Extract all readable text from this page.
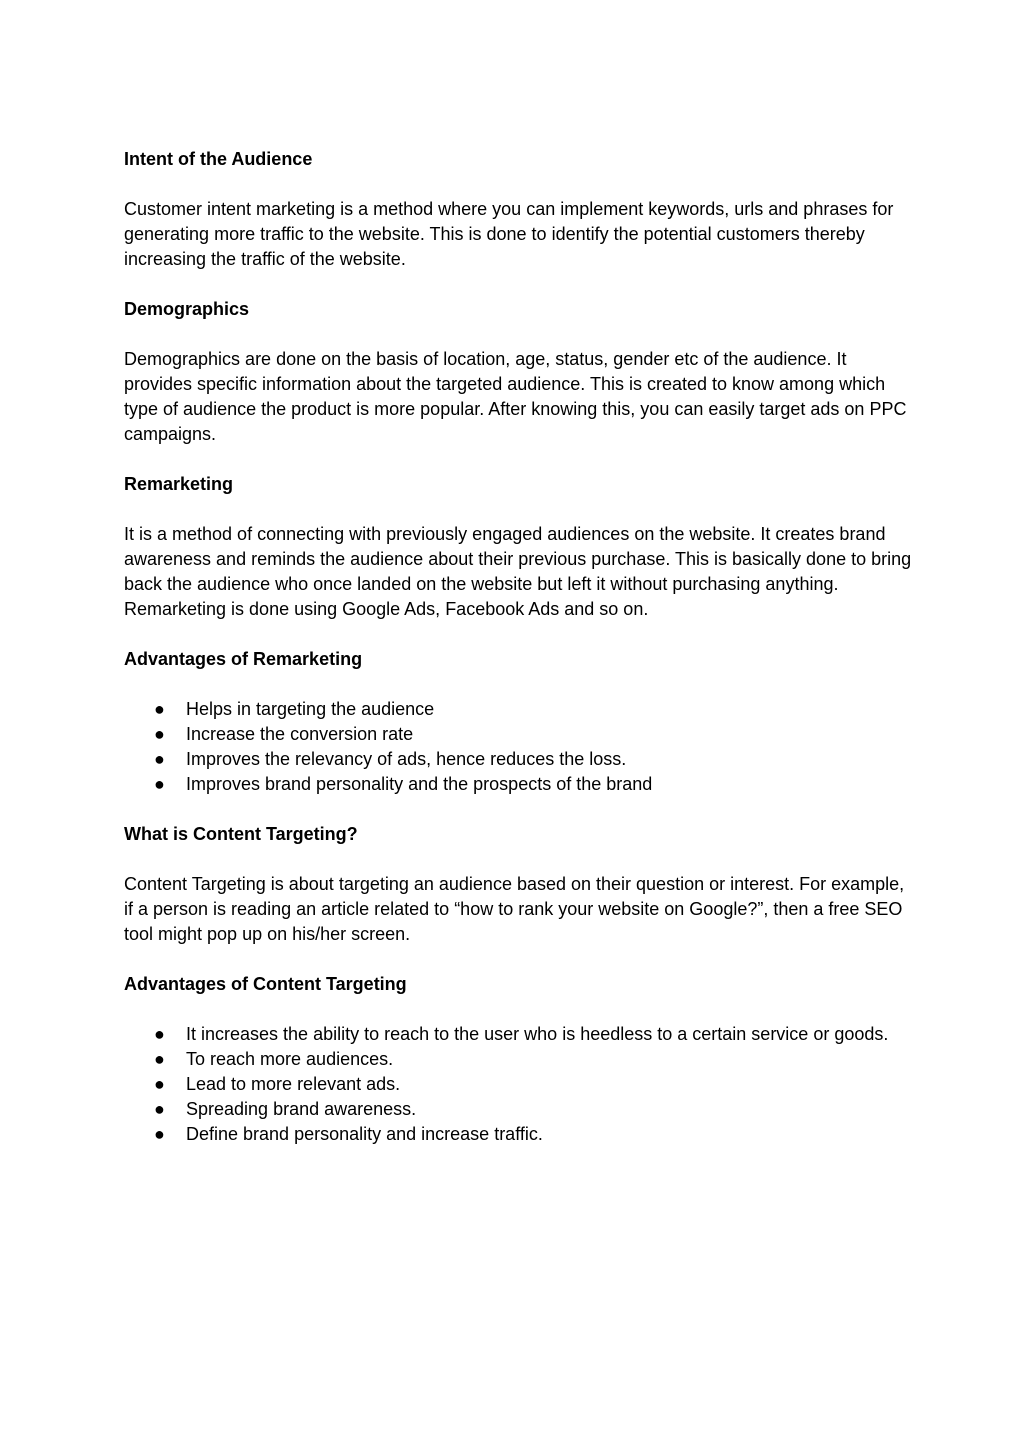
Intent of the Audience
Customer intent marketing is a method where you can implement keywords, urls and phrases for generating more traffic to the website. This is done to identify the potential customers thereby increasing the traffic of the website.
Demographics
Demographics are done on the basis of location, age, status, gender etc of the audience. It provides specific information about the targeted audience. This is created to know among which type of audience the product is more popular. After knowing this, you can easily target ads on PPC campaigns.
Remarketing
It is a method of connecting with previously engaged audiences on the website. It creates brand awareness and reminds the audience about their previous purchase. This is basically done to bring back the audience who once landed on the website but left it without purchasing anything. Remarketing is done using Google Ads, Facebook Ads and so on.
Advantages of Remarketing
●	Helps in targeting the audience
●	Increase the conversion rate
●	Improves the relevancy of ads, hence reduces the loss.
●	Improves brand personality and the prospects of the brand
What is Content Targeting?
Content Targeting is about targeting an audience based on their question or interest. For example, if a person is reading an article related to “how to rank your website on Google?”, then a free SEO tool might pop up on his/her screen.
Advantages of Content Targeting
●	It increases the ability to reach to the user who is heedless to a certain service or goods.
●	To reach more audiences.
●	Lead to more relevant ads.
●	Spreading brand awareness.
●	Define brand personality and increase traffic.
